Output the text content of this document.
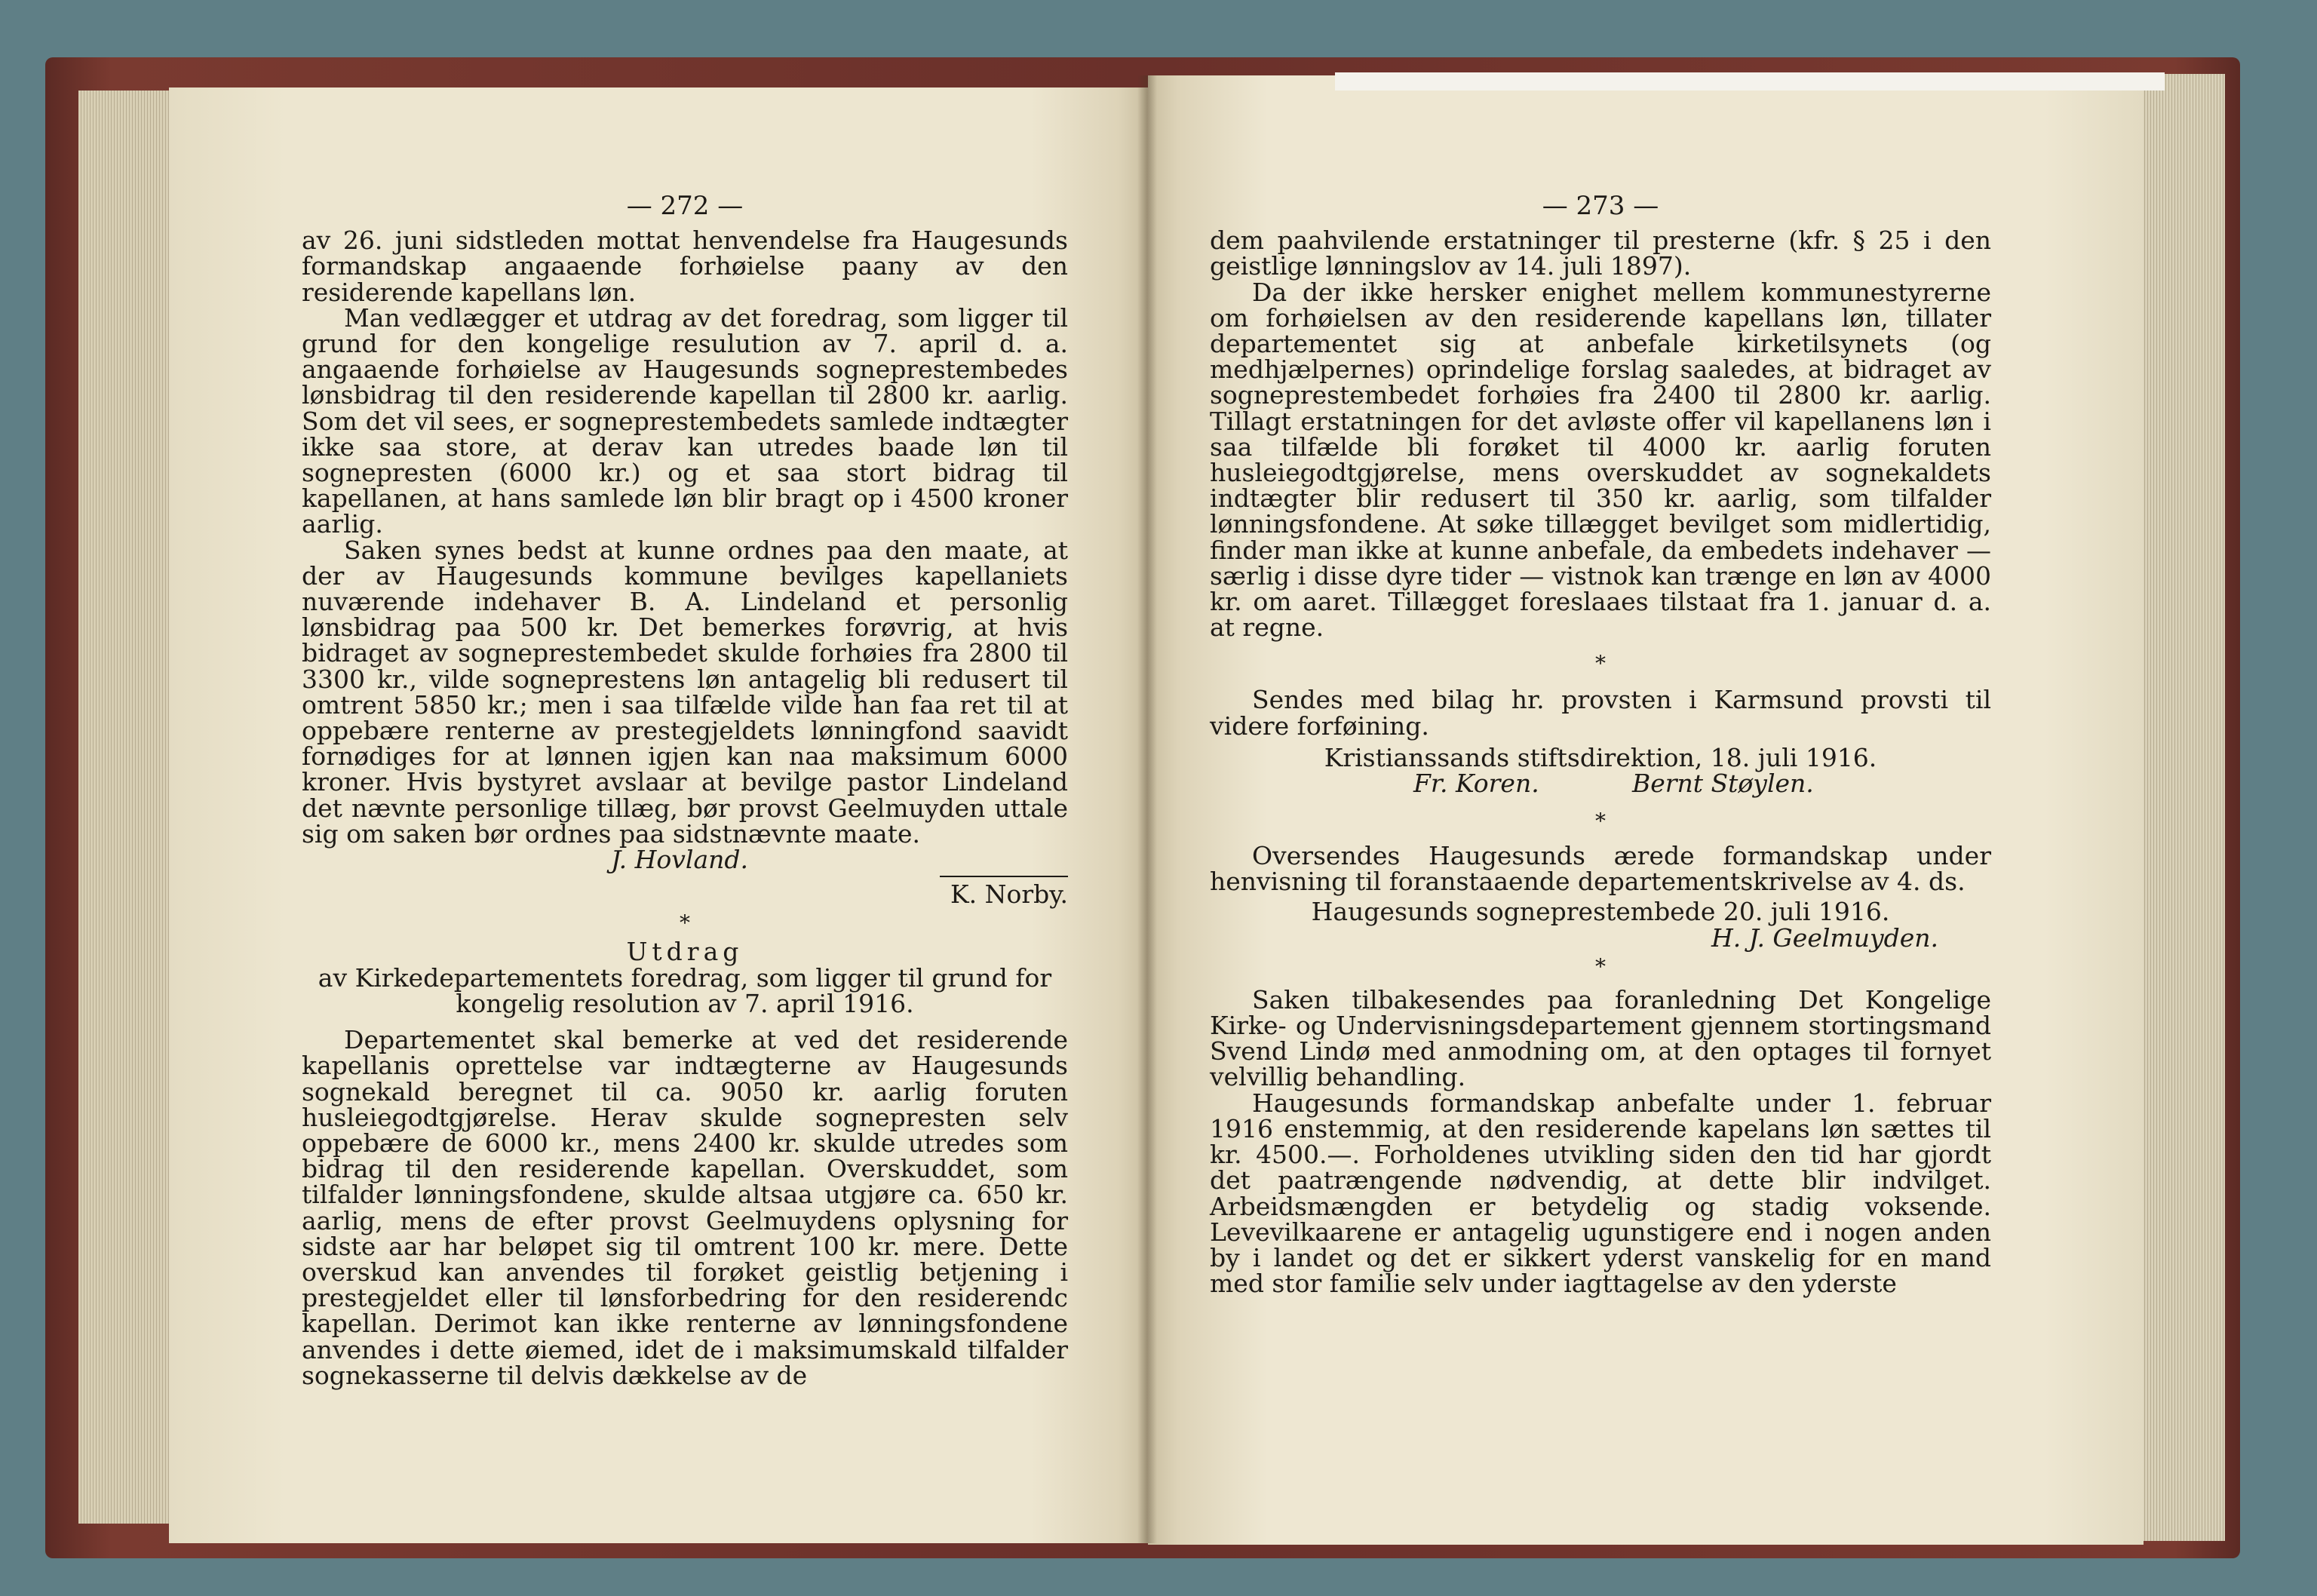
— 272 —

av 26. juni sidstleden mottat henvendelse fra Haugesunds formandskap angaaende forhøielse paany av den residerende kapellans løn.

Man vedlægger et utdrag av det foredrag, som ligger til grund for den kongelige resulution av 7. april d. a. angaaende forhøielse av Haugesunds sogneprestembedes lønsbidrag til den residerende kapellan til 2800 kr. aarlig. Som det vil sees, er sogneprestembedets samlede indtægter ikke saa store, at derav kan utredes baade løn til sognepresten (6000 kr.) og et saa stort bidrag til kapellanen, at hans samlede løn blir bragt op i 4500 kroner aarlig.

Saken synes bedst at kunne ordnes paa den maate, at der av Haugesunds kommune bevilges kapellaniets nuværende indehaver B. A. Lindeland et personlig lønsbidrag paa 500 kr. Det bemerkes forøvrig, at hvis bidraget av sogneprestembedet skulde forhøies fra 2800 til 3300 kr., vilde sogneprestens løn antagelig bli redusert til omtrent 5850 kr.; men i saa tilfælde vilde han faa ret til at oppebære renterne av prestegjeldets lønningfond saavidt fornødiges for at lønnen igjen kan naa maksimum 6000 kroner. Hvis bystyret avslaar at bevilge pastor Lindeland det nævnte personlige tillæg, bør provst Geelmuyden uttale sig om saken bør ordnes paa sidstnævnte maate.

J. Hovland.
K. Norby.
*
Utdrag
av Kirkedepartementets foredrag, som ligger til grund for
kongelig resolution av 7. april 1916.

Departementet skal bemerke at ved det residerende kapellanis oprettelse var indtægterne av Haugesunds sognekald beregnet til ca. 9050 kr. aarlig foruten husleiegodtgjørelse. Herav skulde sognepresten selv oppebære de 6000 kr., mens 2400 kr. skulde utredes som bidrag til den residerende kapellan. Overskuddet, som tilfalder lønningsfondene, skulde altsaa utgjøre ca. 650 kr. aarlig, mens de efter provst Geelmuydens oplysning for sidste aar har beløpet sig til omtrent 100 kr. mere. Dette overskud kan anvendes til forøket geistlig betjening i prestegjeldet eller til lønsforbedring for den residerendc kapellan. Derimot kan ikke renterne av lønningsfondene anvendes i dette øiemed, idet de i maksimumskald tilfalder sognekasserne til delvis dækkelse av de

— 273 —

dem paahvilende erstatninger til presterne (kfr. § 25 i den geistlige lønningslov av 14. juli 1897).

Da der ikke hersker enighet mellem kommunestyrerne om forhøielsen av den residerende kapellans løn, tillater departementet sig at anbefale kirketilsynets (og medhjælpernes) oprindelige forslag saaledes, at bidraget av sogneprestembedet forhøies fra 2400 til 2800 kr. aarlig. Tillagt erstatningen for det avløste offer vil kapellanens løn i saa tilfælde bli forøket til 4000 kr. aarlig foruten husleiegodtgjørelse, mens overskuddet av sognekaldets indtægter blir redusert til 350 kr. aarlig, som tilfalder lønningsfondene. At søke tillægget bevilget som midlertidig, finder man ikke at kunne anbefale, da embedets indehaver — særlig i disse dyre tider — vistnok kan trænge en løn av 4000 kr. om aaret. Tillægget foreslaaes tilstaat fra 1. januar d. a. at regne.

*

Sendes med bilag hr. provsten i Karmsund provsti til videre forføining.

Kristianssands stiftsdirektion, 18. juli 1916.
Fr. Koren.	Bernt Støylen.
*

Oversendes Haugesunds ærede formandskap under henvisning til foranstaaende departementskrivelse av 4. ds.

Haugesunds sogneprestembede 20. juli 1916.
H. J. Geelmuyden.
*

Saken tilbakesendes paa foranledning Det Kongelige Kirke- og Undervisningsdepartement gjennem stortingsmand Svend Lindø med anmodning om, at den optages til fornyet velvillig behandling.

Haugesunds formandskap anbefalte under 1. februar 1916 enstemmig, at den residerende kapelans løn sættes til kr. 4500.—. Forholdenes utvikling siden den tid har gjordt det paatrængende nødvendig, at dette blir indvilget. Arbeidsmængden er betydelig og stadig voksende. Levevilkaarene er antagelig ugunstigere end i nogen anden by i landet og det er sikkert yderst vanskelig for en mand med stor familie selv under iagttagelse av den yderste
